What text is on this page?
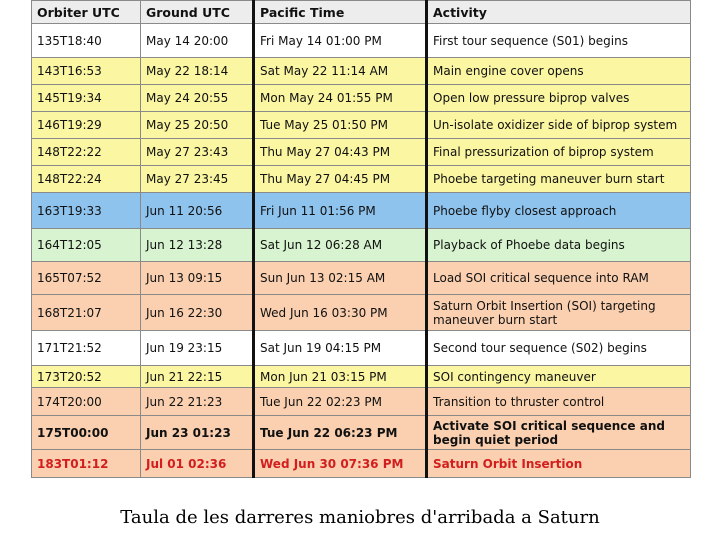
Orbiter UTC	Ground UTC	Pacific Time	Activity
135T18:40	May 14 20:00	Fri May 14 01:00 PM	First tour sequence (S01) begins
143T16:53	May 22 18:14	Sat May 22 11:14 AM	Main engine cover opens
145T19:34	May 24 20:55	Mon May 24 01:55 PM	Open low pressure biprop valves
146T19:29	May 25 20:50	Tue May 25 01:50 PM	Un-isolate oxidizer side of biprop system
148T22:22	May 27 23:43	Thu May 27 04:43 PM	Final pressurization of biprop system
148T22:24	May 27 23:45	Thu May 27 04:45 PM	Phoebe targeting maneuver burn start
163T19:33	Jun 11 20:56	Fri Jun 11 01:56 PM	Phoebe flyby closest approach
164T12:05	Jun 12 13:28	Sat Jun 12 06:28 AM	Playback of Phoebe data begins
165T07:52	Jun 13 09:15	Sun Jun 13 02:15 AM	Load SOI critical sequence into RAM
168T21:07	Jun 16 22:30	Wed Jun 16 03:30 PM	Saturn Orbit Insertion (SOI) targeting maneuver burn start
171T21:52	Jun 19 23:15	Sat Jun 19 04:15 PM	Second tour sequence (S02) begins
173T20:52	Jun 21 22:15	Mon Jun 21 03:15 PM	SOI contingency maneuver
174T20:00	Jun 22 21:23	Tue Jun 22 02:23 PM	Transition to thruster control
175T00:00	Jun 23 01:23	Tue Jun 22 06:23 PM	Activate SOI critical sequence and begin quiet period
183T01:12	Jul 01 02:36	Wed Jun 30 07:36 PM	Saturn Orbit Insertion
Taula de les darreres maniobres d'arribada a Saturn
